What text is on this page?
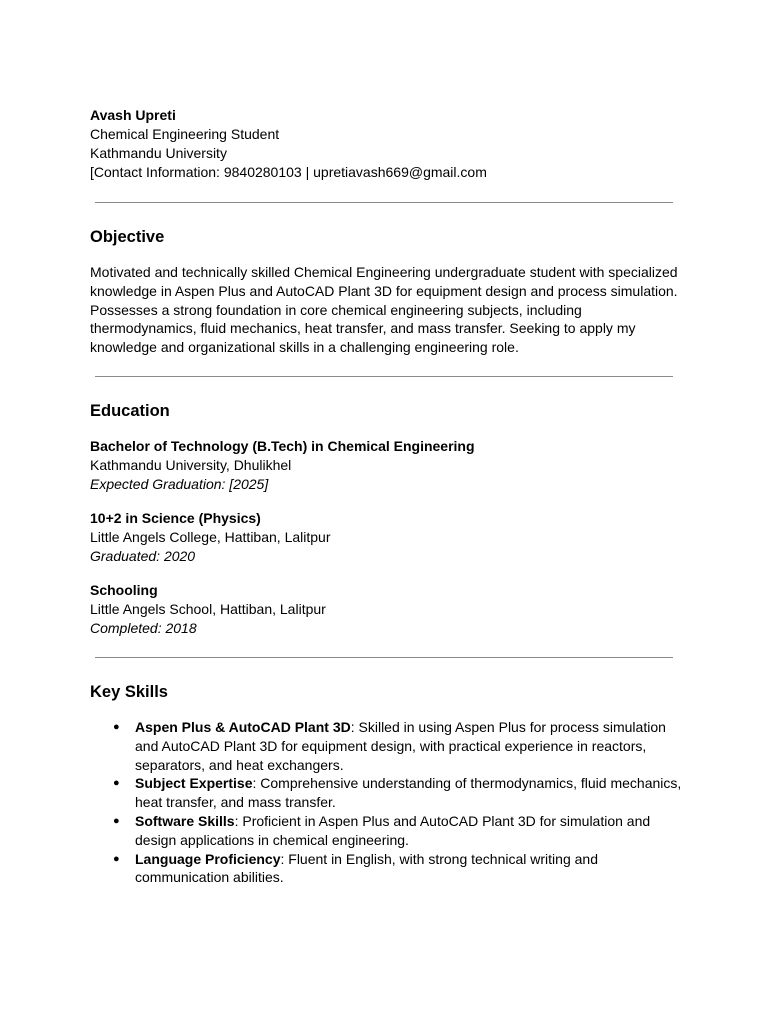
Avash Upreti
Chemical Engineering Student
Kathmandu University
[Contact Information: 9840280103 | upretiavash669@gmail.com
Objective
Motivated and technically skilled Chemical Engineering undergraduate student with specialized
knowledge in Aspen Plus and AutoCAD Plant 3D for equipment design and process simulation.
Possesses a strong foundation in core chemical engineering subjects, including
thermodynamics, fluid mechanics, heat transfer, and mass transfer. Seeking to apply my
knowledge and organizational skills in a challenging engineering role.
Education
Bachelor of Technology (B.Tech) in Chemical Engineering
Kathmandu University, Dhulikhel
Expected Graduation: [2025]
10+2 in Science (Physics)
Little Angels College, Hattiban, Lalitpur
Graduated: 2020
Schooling
Little Angels School, Hattiban, Lalitpur
Completed: 2018
Key Skills
● Aspen Plus & AutoCAD Plant 3D: Skilled in using Aspen Plus for process simulation
and AutoCAD Plant 3D for equipment design, with practical experience in reactors,
separators, and heat exchangers.
● Subject Expertise: Comprehensive understanding of thermodynamics, fluid mechanics,
heat transfer, and mass transfer.
● Software Skills: Proficient in Aspen Plus and AutoCAD Plant 3D for simulation and
design applications in chemical engineering.
● Language Proficiency: Fluent in English, with strong technical writing and
communication abilities.
